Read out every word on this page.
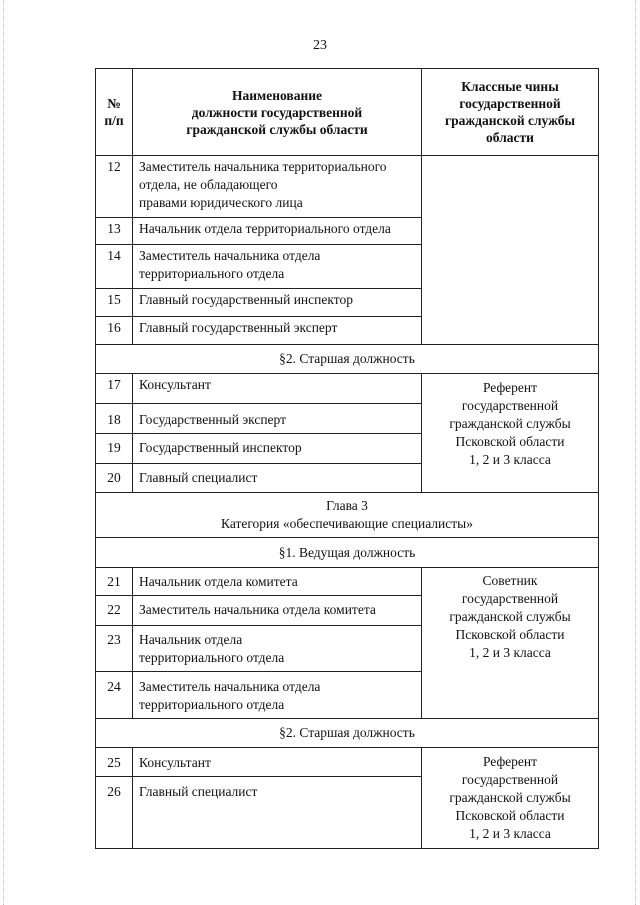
23
№
п/п	Наименование
должности государственной
гражданской службы области	Классные чины
государственной
гражданской службы
области
12	Заместитель начальника территориального
отдела, не обладающего
правами юридического лица	
13	Начальник отдела территориального отдела	
14	Заместитель начальника отдела
территориального отдела	
15	Главный государственный инспектор	
16	Главный государственный эксперт	
§2. Старшая должность		
17	Консультант	Референт
государственной
гражданской службы
Псковской области
1, 2 и 3 класса

18	Государственный эксперт	
19	Государственный инспектор	
20	Главный специалист	
Глава 3
Категория «обеспечивающие специалисты»		
§1. Ведущая должность		
21	Начальник отдела комитета	Советник
государственной
гражданской службы
Псковской области
1, 2 и 3 класса

22	Заместитель начальника отдела комитета	
23	Начальник отдела
территориального отдела	
24	Заместитель начальника отдела
территориального отдела	
§2. Старшая должность		
25	Консультант	Референт
государственной
гражданской службы
Псковской области
1, 2 и 3 класса

26	Главный специалист	
